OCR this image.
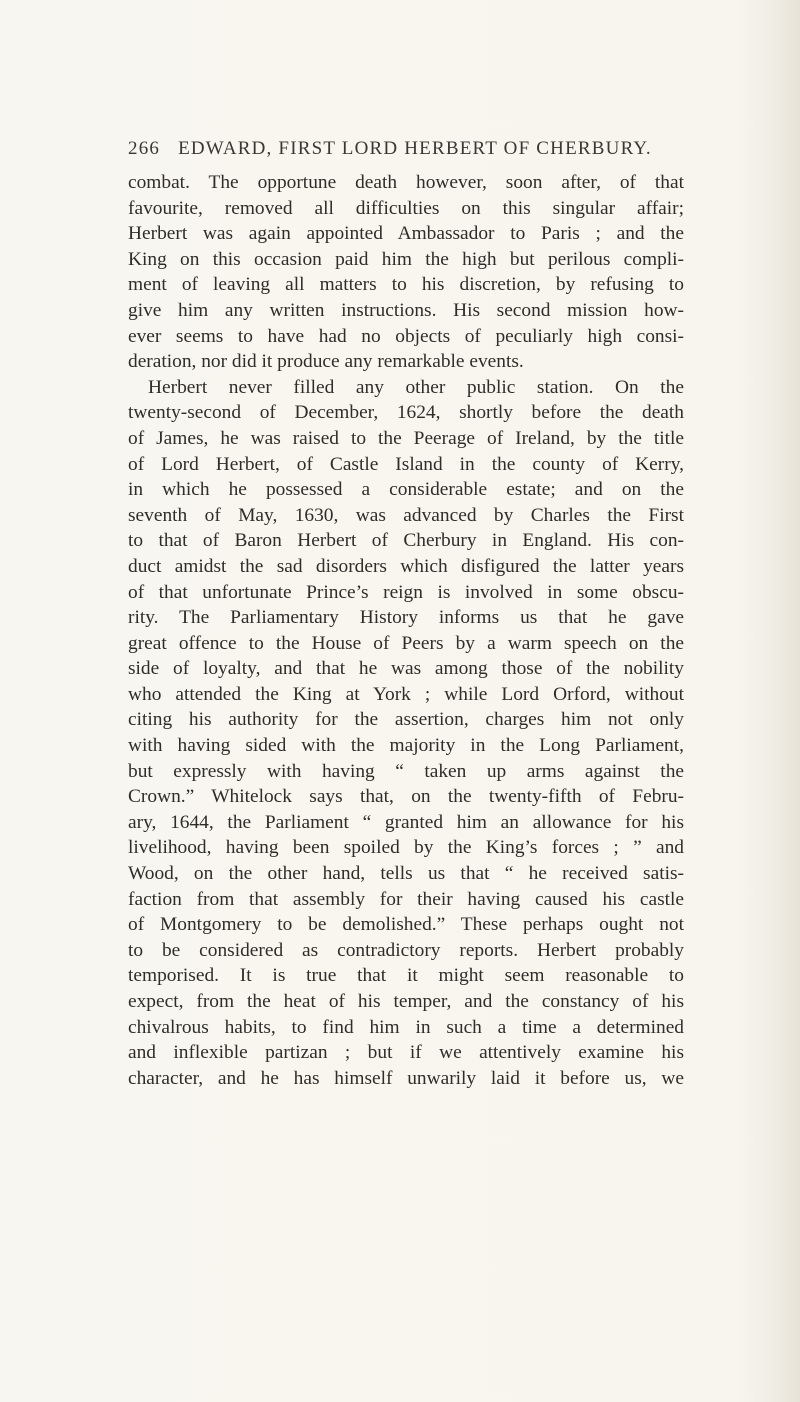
266 EDWARD, FIRST LORD HERBERT OF CHERBURY.
combat. The opportune death however, soon after, of that
favourite, removed all difficulties on this singular affair;
Herbert was again appointed Ambassador to Paris ; and the
King on this occasion paid him the high but perilous compli-
ment of leaving all matters to his discretion, by refusing to
give him any written instructions. His second mission how-
ever seems to have had no objects of peculiarly high consi-
deration, nor did it produce any remarkable events.
Herbert never filled any other public station. On the
twenty-second of December, 1624, shortly before the death
of James, he was raised to the Peerage of Ireland, by the title
of Lord Herbert, of Castle Island in the county of Kerry,
in which he possessed a considerable estate; and on the
seventh of May, 1630, was advanced by Charles the First
to that of Baron Herbert of Cherbury in England. His con-
duct amidst the sad disorders which disfigured the latter years
of that unfortunate Prince’s reign is involved in some obscu-
rity. The Parliamentary History informs us that he gave
great offence to the House of Peers by a warm speech on the
side of loyalty, and that he was among those of the nobility
who attended the King at York ; while Lord Orford, without
citing his authority for the assertion, charges him not only
with having sided with the majority in the Long Parliament,
but expressly with having “ taken up arms against the
Crown.” Whitelock says that, on the twenty-fifth of Febru-
ary, 1644, the Parliament “ granted him an allowance for his
livelihood, having been spoiled by the King’s forces ; ” and
Wood, on the other hand, tells us that “ he received satis-
faction from that assembly for their having caused his castle
of Montgomery to be demolished.” These perhaps ought not
to be considered as contradictory reports. Herbert probably
temporised. It is true that it might seem reasonable to
expect, from the heat of his temper, and the constancy of his
chivalrous habits, to find him in such a time a determined
and inflexible partizan ; but if we attentively examine his
character, and he has himself unwarily laid it before us, we
